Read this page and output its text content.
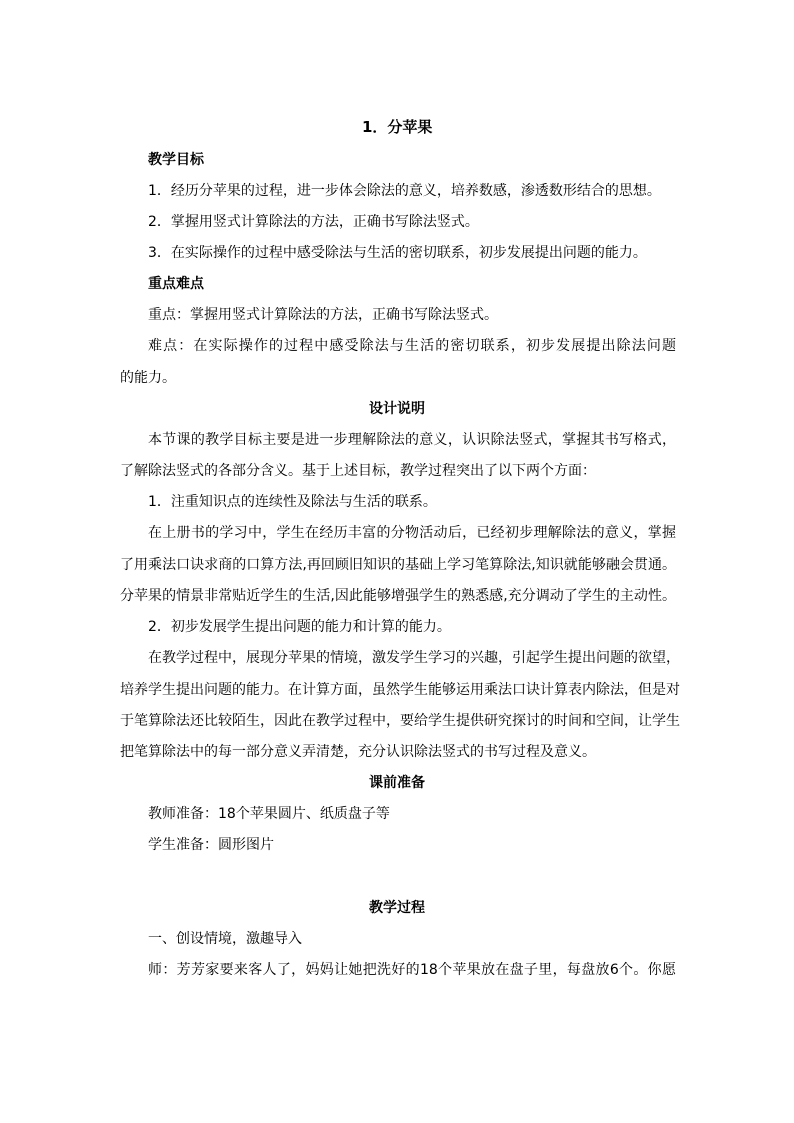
1．分苹果
教学目标
1．经历分苹果的过程，进一步体会除法的意义，培养数感，渗透数形结合的思想。
2．掌握用竖式计算除法的方法，正确书写除法竖式。
3．在实际操作的过程中感受除法与生活的密切联系，初步发展提出问题的能力。
重点难点
重点：掌握用竖式计算除法的方法，正确书写除法竖式。
难点：在实际操作的过程中感受除法与生活的密切联系，初步发展提出除法问题
的能力。
设计说明
本节课的教学目标主要是进一步理解除法的意义，认识除法竖式，掌握其书写格式，
了解除法竖式的各部分含义。基于上述目标，教学过程突出了以下两个方面：
1．注重知识点的连续性及除法与生活的联系。
在上册书的学习中，学生在经历丰富的分物活动后，已经初步理解除法的意义，掌握
了用乘法口诀求商的口算方法,再回顾旧知识的基础上学习笔算除法,知识就能够融会贯通。
分苹果的情景非常贴近学生的生活,因此能够增强学生的熟悉感,充分调动了学生的主动性。
2．初步发展学生提出问题的能力和计算的能力。
在教学过程中，展现分苹果的情境，激发学生学习的兴趣，引起学生提出问题的欲望，
培养学生提出问题的能力。在计算方面，虽然学生能够运用乘法口诀计算表内除法，但是对
于笔算除法还比较陌生，因此在教学过程中，要给学生提供研究探讨的时间和空间，让学生
把笔算除法中的每一部分意义弄清楚，充分认识除法竖式的书写过程及意义。
课前准备
教师准备：18个苹果圆片、纸质盘子等
学生准备：圆形图片
教学过程
一、创设情境，激趣导入
师：芳芳家要来客人了，妈妈让她把洗好的18个苹果放在盘子里，每盘放6个。你愿
